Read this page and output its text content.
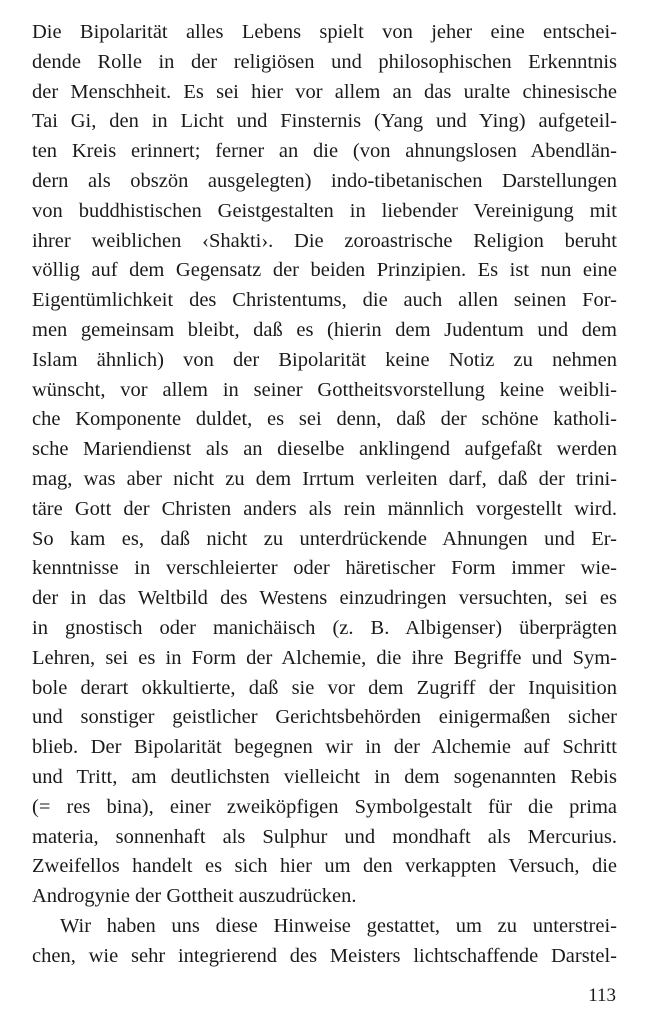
Die Bipolarität alles Lebens spielt von jeher eine entschei-
dende Rolle in der religiösen und philosophischen Erkenntnis
der Menschheit. Es sei hier vor allem an das uralte chinesische
Tai Gi, den in Licht und Finsternis (Yang und Ying) aufgeteil-
ten Kreis erinnert; ferner an die (von ahnungslosen Abendlän-
dern als obszön ausgelegten) indo-tibetanischen Darstellungen
von buddhistischen Geistgestalten in liebender Vereinigung mit
ihrer weiblichen ‹Shakti›. Die zoroastrische Religion beruht
völlig auf dem Gegensatz der beiden Prinzipien. Es ist nun eine
Eigentümlichkeit des Christentums, die auch allen seinen For-
men gemeinsam bleibt, daß es (hierin dem Judentum und dem
Islam ähnlich) von der Bipolarität keine Notiz zu nehmen
wünscht, vor allem in seiner Gottheitsvorstellung keine weibli-
che Komponente duldet, es sei denn, daß der schöne katholi-
sche Mariendienst als an dieselbe anklingend aufgefaßt werden
mag, was aber nicht zu dem Irrtum verleiten darf, daß der trini-
täre Gott der Christen anders als rein männlich vorgestellt wird.
So kam es, daß nicht zu unterdrückende Ahnungen und Er-
kenntnisse in verschleierter oder häretischer Form immer wie-
der in das Weltbild des Westens einzudringen versuchten, sei es
in gnostisch oder manichäisch (z. B. Albigenser) überprägten
Lehren, sei es in Form der Alchemie, die ihre Begriffe und Sym-
bole derart okkultierte, daß sie vor dem Zugriff der Inquisition
und sonstiger geistlicher Gerichtsbehörden einigermaßen sicher
blieb. Der Bipolarität begegnen wir in der Alchemie auf Schritt
und Tritt, am deutlichsten vielleicht in dem sogenannten Rebis
(= res bina), einer zweiköpfigen Symbolgestalt für die prima
materia, sonnenhaft als Sulphur und mondhaft als Mercurius.
Zweifellos handelt es sich hier um den verkappten Versuch, die
Androgynie der Gottheit auszudrücken.
Wir haben uns diese Hinweise gestattet, um zu unterstrei-
chen, wie sehr integrierend des Meisters lichtschaffende Darstel-
113
